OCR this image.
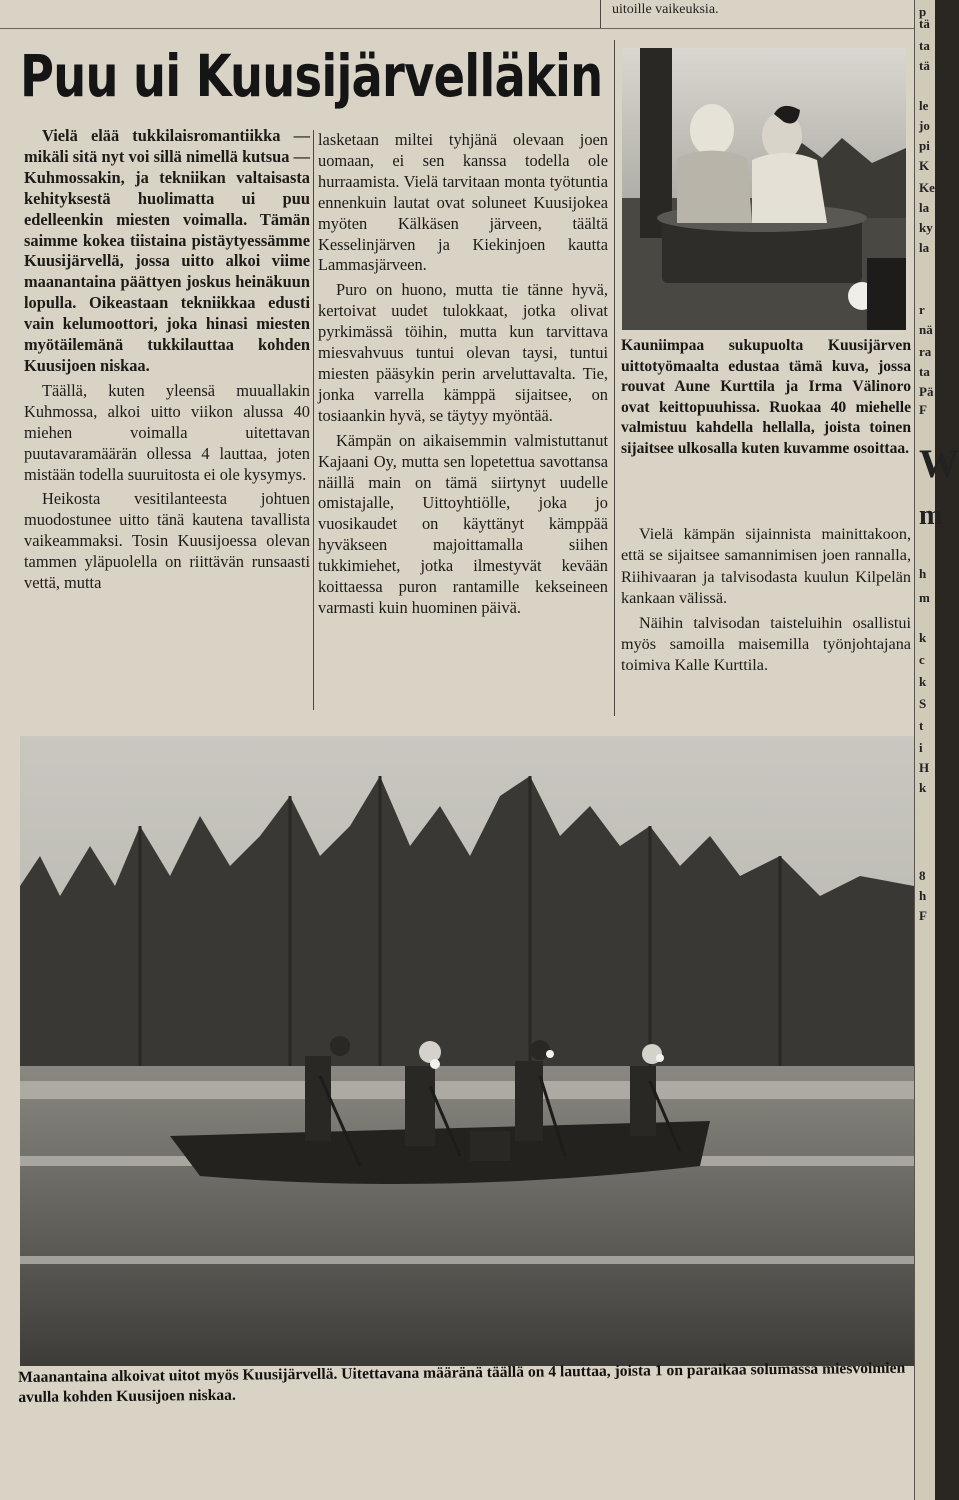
uitoille vaikeuksia.
Puu ui Kuusijärvelläkin

Vielä elää tukkilaisromantiikka — mikäli sitä nyt voi sillä nimellä kutsua — Kuhmossakin, ja tekniikan valtaisasta kehityksestä huolimatta ui puu edelleenkin miesten voimalla. Tämän saimme kokea tiistaina pistäytyessämme Kuusijärvellä, jossa uitto alkoi viime maanantaina päättyen joskus heinäkuun lopulla. Oikeastaan tekniikkaa edusti vain kelumoottori, joka hinasi miesten myötäilemänä tukkilauttaa kohden Kuusijoen niskaa.

Täällä, kuten yleensä muuallakin Kuhmossa, alkoi uitto viikon alussa 40 miehen voimalla uitettavan puutavaramäärän ollessa 4 lauttaa, joten mistään todella suuruitosta ei ole kysymys.

Heikosta vesitilanteesta johtuen muodostunee uitto tänä kautena tavallista vaikeammaksi. Tosin Kuusijoessa olevan tammen yläpuolella on riittävän runsaasti vettä, mutta

lasketaan miltei tyhjänä olevaan joen uomaan, ei sen kanssa todella ole hurraamista. Vielä tarvitaan monta työtuntia ennenkuin lautat ovat soluneet Kuusijokea myöten Kälkäsen järveen, täältä Kesselinjärven ja Kiekinjoen kautta Lammasjärveen.

Puro on huono, mutta tie tänne hyvä, kertoivat uudet tulokkaat, jotka olivat pyrkimässä töihin, mutta kun tarvittava miesvahvuus tuntui olevan taysi, tuntui miesten pääsykin perin arveluttavalta. Tie, jonka varrella kämppä sijaitsee, on tosiaankin hyvä, se täytyy myöntää.

Kämpän on aikaisemmin valmistuttanut Kajaani Oy, mutta sen lopetettua savottansa näillä main on tämä siirtynyt uudelle omistajalle, Uittoyhtiölle, joka jo vuosikaudet on käyttänyt kämppää hyväkseen majoittamalla siihen tukkimiehet, jotka ilmestyvät kevään koittaessa puron rantamille kekseineen varmasti kuin huominen päivä.

Kauniimpaa sukupuolta Kuusijärven uittotyömaalta edustaa tämä kuva, jossa rouvat Aune Kurttila ja Irma Välinoro ovat keittopuuhissa. Ruokaa 40 miehelle valmistuu kahdella hellalla, joista toinen sijaitsee ulkosalla kuten kuvamme osoittaa.

Vielä kämpän sijainnista mainittakoon, että se sijaitsee samannimisen joen rannalla, Riihivaaran ja talvisodasta kuulun Kilpelän kankaan välissä.

Näihin talvisodan taisteluihin osallistui myös samoilla maisemilla työnjohtajana toimiva Kalle Kurttila.

Maanantaina alkoivat uitot myös Kuusijärvellä. Uitettavana määränä täällä on 4 lauttaa, joista 1 on paraikaa solumassa miesvoimien avulla kohden Kuusijoen niskaa.
p
tä
ta
tä
le
jo
pi
K
Ke
la
ky
la
r
nä
ra
ta
Pä
F
W
m
h
m
k
c
k
S
t
i
H
k
8
h
F
